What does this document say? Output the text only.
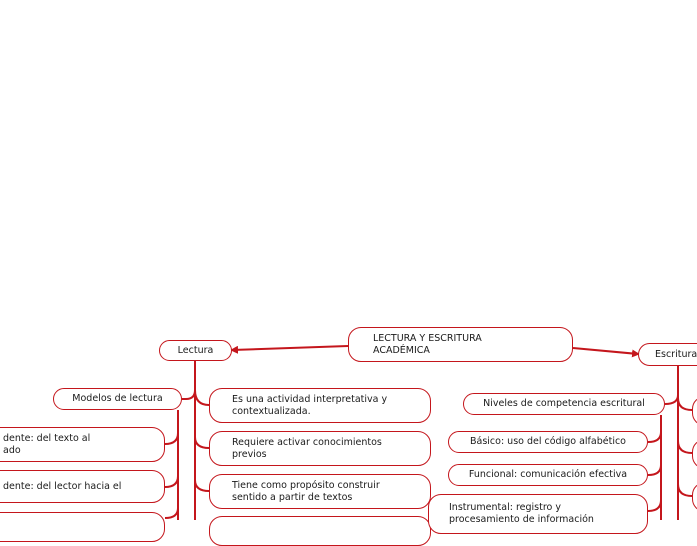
LECTURA Y ESCRITURA
ACADÉMICA
Lectura
Modelos de lectura
dente: del texto al
ado
dente: del lector hacia el
Es una actividad interpretativa y
contextualizada.
Requiere activar conocimientos
previos
Tiene como propósito construir
sentido a partir de textos
Escritura
Niveles de competencia escritural
Básico: uso del código alfabético
Funcional: comunicación efectiva
Instrumental: registro y
procesamiento de información
